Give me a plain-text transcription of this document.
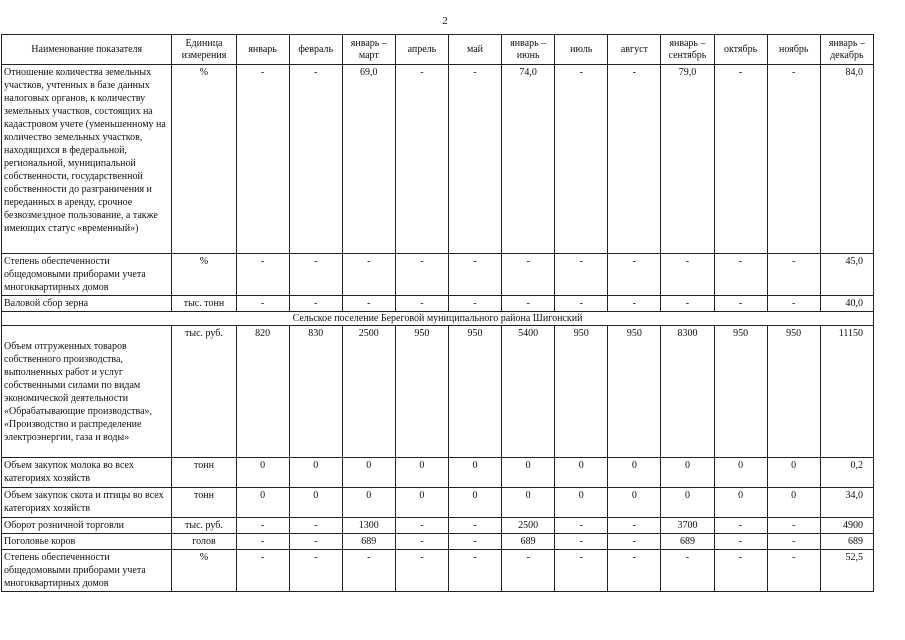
2
Наименование показателя	Единица измерения	январь	февраль	январь – март	апрель	май	январь – июнь	июль	август	январь – сентябрь	октябрь	ноябрь	январь – декабрь
Отношение количества земельных участков, учтенных в базе данных налоговых органов, к количеству земельных участков, состоящих на кадастровом учете (уменьшенному на количество земельных участков, находящихся в федеральной, региональной, муниципальной собственности, государственной собственности до разграничения и переданных в аренду, срочное безвозмездное пользование, а также имеющих статус «временный»)	%	-	-	69,0	-	-	74,0	-	-	79,0	-	-	84,0
Степень обеспеченности общедомовыми приборами учета многоквартирных домов	%	-	-	-	-	-	-	-	-	-	-	-	45,0
Валовой сбор зерна	тыс. тонн	-	-	-	-	-	-	-	-	-	-	-	40,0
Сельское поселение Береговой муниципального района Шигонский													
Объем отгруженных товаров собственного производства, выполненных работ и услуг собственными силами по видам экономической деятельности «Обрабатывающие производства», «Производство и распределение электроэнергии, газа и воды»	тыс. руб.	820	830	2500	950	950	5400	950	950	8300	950	950	11150
Объем закупок молока во всех категориях хозяйств	тонн	0	0	0	0	0	0	0	0	0	0	0	0,2
Объем закупок скота и птицы во всех категориях хозяйств	тонн	0	0	0	0	0	0	0	0	0	0	0	34,0
Оборот розничной торговли	тыс. руб.	-	-	1300	-	-	2500	-	-	3700	-	-	4900
Поголовье коров	голов	-	-	689	-	-	689	-	-	689	-	-	689
Степень обеспеченности общедомовыми приборами учета многоквартирных домов	%	-	-	-	-	-	-	-	-	-	-	-	52,5
